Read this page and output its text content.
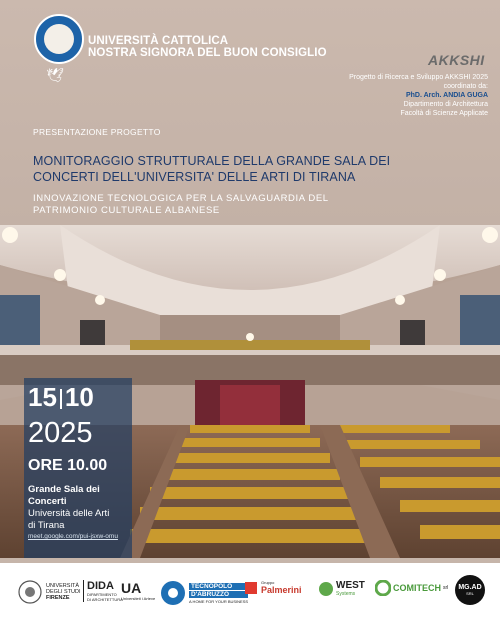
🕊
UNIVERSITÀ CATTOLICA
NOSTRA SIGNORA DEL BUON CONSIGLIO	AKKSHI
Progetto di Ricerca e Sviluppo AKKSHI 2025
coordinato da:
PhD. Arch. ANDIA GUGA
Dipartimento di Architettura
Facoltà di Scienze Applicate
PRESENTAZIONE PROGETTO
MONITORAGGIO STRUTTURALE DELLA GRANDE SALA DEI
CONCERTI DELL'UNIVERSITA' DELLE ARTI DI TIRANA
INNOVAZIONE TECNOLOGICA PER LA SALVAGUARDIA DEL
PATRIMONIO CULTURALE ALBANESE
15 10
2025
ORE 10.00
Grande Sala dei
Concerti
Università delle Arti
di Tirana
meet.google.com/pui-jsxw-omu
UNIVERSITÀ
DEGLI STUDI
FIRENZE
DIDA
DIPARTIMENTO
DI ARCHITETTURA
UA
Universiteti i Arteve
TECNOPOLO
D'ABRUZZO
A HOME FOR YOUR BUSINESS
Gruppo
Palmerini	WEST
Systems
COMITECH srl MG.AD
SRL
